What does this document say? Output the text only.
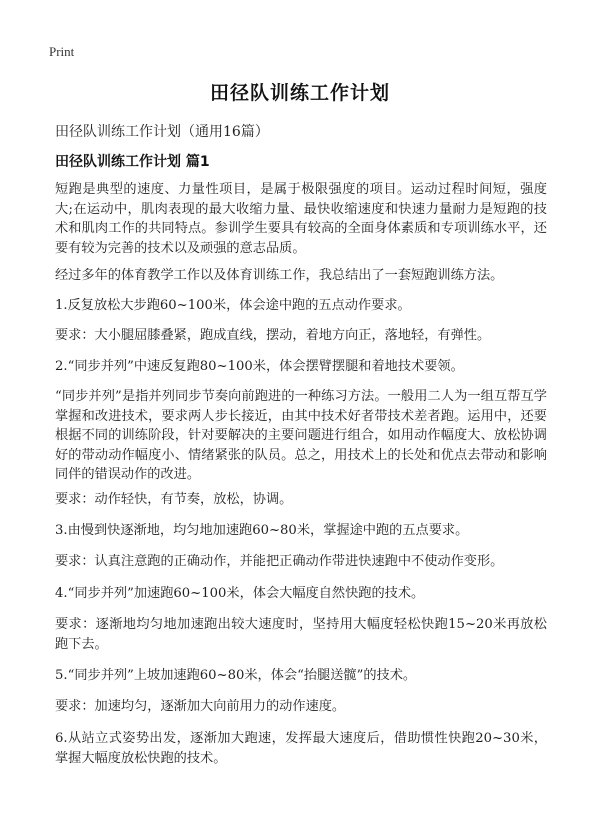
Print
田径队训练工作计划
田径队训练工作计划（通用16篇）
田径队训练工作计划 篇1
短跑是典型的速度、力量性项目，是属于极限强度的项目。运动过程时间短，强度大;在运动中，肌肉表现的最大收缩力量、最快收缩速度和快速力量耐力是短跑的技术和肌肉工作的共同特点。参训学生要具有较高的全面身体素质和专项训练水平，还要有较为完善的技术以及顽强的意志品质。
经过多年的体育教学工作以及体育训练工作，我总结出了一套短跑训练方法。
1.反复放松大步跑60~100米，体会途中跑的五点动作要求。
要求：大小腿屈膝叠紧，跑成直线，摆动，着地方向正，落地轻，有弹性。
2.“同步并列”中速反复跑80~100米，体会摆臂摆腿和着地技术要领。
“同步并列”是指并列同步节奏向前跑进的一种练习方法。一般用二人为一组互帮互学掌握和改进技术，要求两人步长接近，由其中技术好者带技术差者跑。运用中，还要根据不同的训练阶段，针对要解决的主要问题进行组合，如用动作幅度大、放松协调好的带动动作幅度小、情绪紧张的队员。总之，用技术上的长处和优点去带动和影响同伴的错误动作的改进。
要求：动作轻快，有节奏，放松，协调。
3.由慢到快逐渐地，均匀地加速跑60~80米，掌握途中跑的五点要求。
要求：认真注意跑的正确动作，并能把正确动作带进快速跑中不使动作变形。
4.“同步并列”加速跑60~100米，体会大幅度自然快跑的技术。
要求：逐渐地均匀地加速跑出较大速度时，坚持用大幅度轻松快跑15~20米再放松跑下去。
5.“同步并列”上坡加速跑60~80米，体会“抬腿送髋”的技术。
要求：加速均匀，逐渐加大向前用力的动作速度。
6.从站立式姿势出发，逐渐加大跑速，发挥最大速度后，借助惯性快跑20~30米，掌握大幅度放松快跑的技术。
